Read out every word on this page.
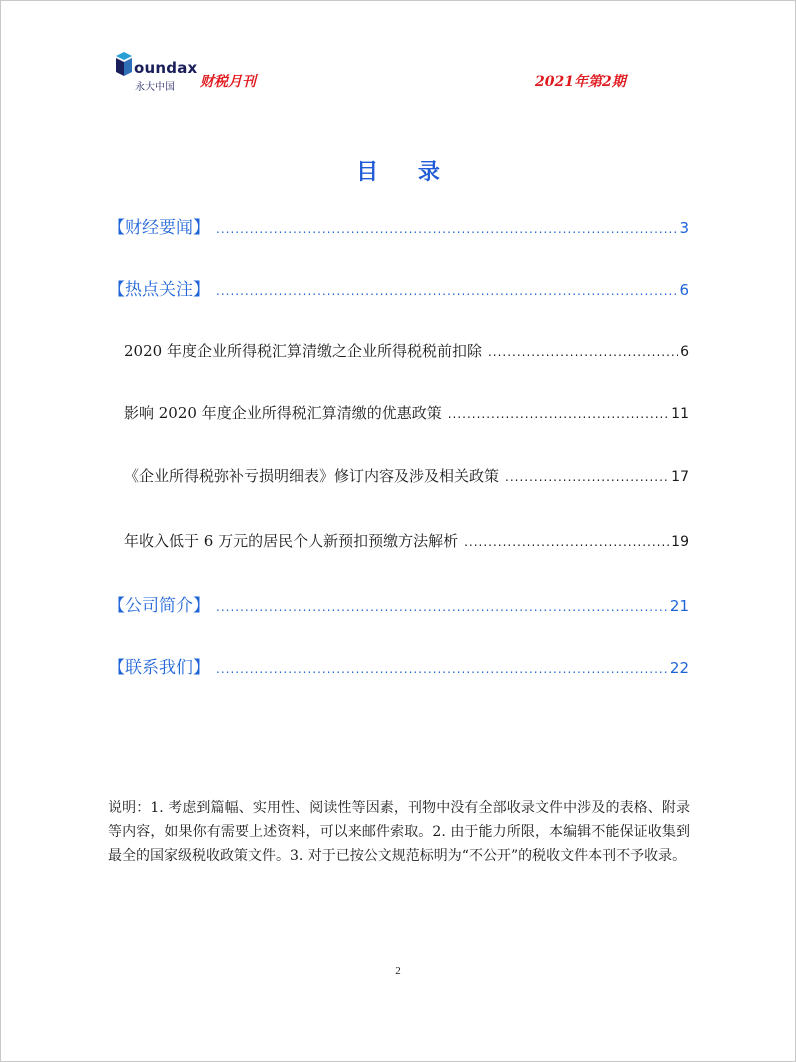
oundax
永大中国 财税月刊	2021年第2期
目 录
【财经要闻】 .....	3
【热点关注】 .....	6
2020 年度企业所得税汇算清缴之企业所得税税前扣除 .....	6
影响 2020 年度企业所得税汇算清缴的优惠政策 .....	11
《企业所得税弥补亏损明细表》修订内容及涉及相关政策 .....	17
年收入低于 6 万元的居民个人新预扣预缴方法解析 .....	19
【公司简介】 .....	21
【联系我们】 .....	22
说明：1. 考虑到篇幅、实用性、阅读性等因素，刊物中没有全部收录文件中涉及的表格、附录等内容，如果你有需要上述资料，可以来邮件索取。2. 由于能力所限，本编辑不能保证收集到最全的国家级税收政策文件。3. 对于已按公文规范标明为“不公开”的税收文件本刊不予收录。
2
